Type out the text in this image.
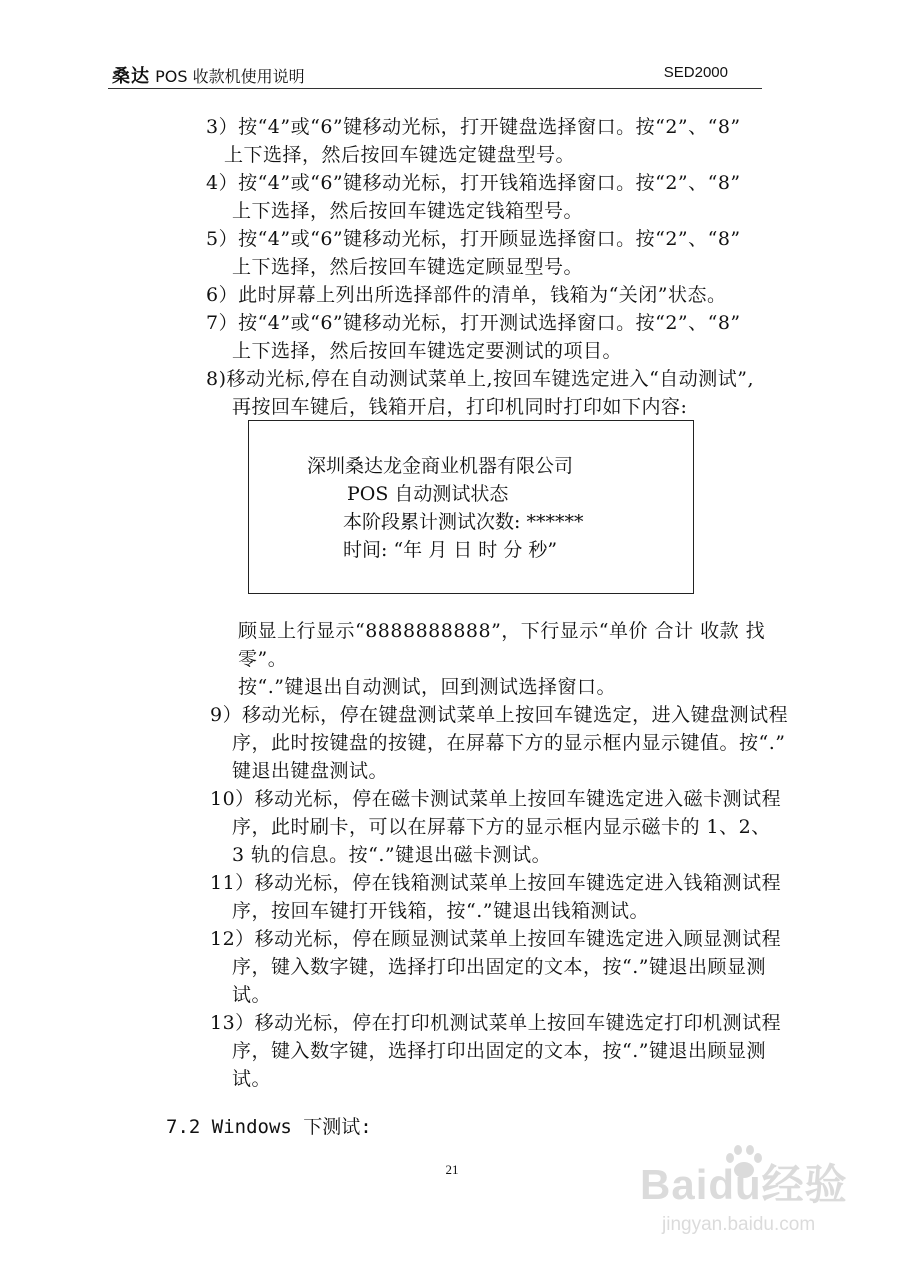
桑达 POS 收款机使用说明	SED2000
3）按“4”或“6”键移动光标，打开键盘选择窗口。按“2”、“8”
上下选择，然后按回车键选定键盘型号。
4）按“4”或“6”键移动光标，打开钱箱选择窗口。按“2”、“8”
上下选择，然后按回车键选定钱箱型号。
5）按“4”或“6”键移动光标，打开顾显选择窗口。按“2”、“8”
上下选择，然后按回车键选定顾显型号。
6）此时屏幕上列出所选择部件的清单，钱箱为“关闭”状态。
7）按“4”或“6”键移动光标，打开测试选择窗口。按“2”、“8”
上下选择，然后按回车键选定要测试的项目。
8)移动光标,停在自动测试菜单上,按回车键选定进入“自动测试”,
再按回车键后，钱箱开启，打印机同时打印如下内容:
深圳桑达龙金商业机器有限公司
POS 自动测试状态
本阶段累计测试次数: ******
时间: “年 月 日 时 分 秒”
顾显上行显示“8888888888”，下行显示“单价 合计 收款 找
零”。
按“.”键退出自动测试，回到测试选择窗口。
9）移动光标，停在键盘测试菜单上按回车键选定，进入键盘测试程
序，此时按键盘的按键，在屏幕下方的显示框内显示键值。按“.”
键退出键盘测试。
10）移动光标，停在磁卡测试菜单上按回车键选定进入磁卡测试程
序，此时刷卡，可以在屏幕下方的显示框内显示磁卡的 1、2、
3 轨的信息。按“.”键退出磁卡测试。
11）移动光标，停在钱箱测试菜单上按回车键选定进入钱箱测试程
序，按回车键打开钱箱，按“.”键退出钱箱测试。
12）移动光标，停在顾显测试菜单上按回车键选定进入顾显测试程
序，键入数字键，选择打印出固定的文本，按“.”键退出顾显测
试。
13）移动光标，停在打印机测试菜单上按回车键选定打印机测试程
序，键入数字键，选择打印出固定的文本，按“.”键退出顾显测
试。
7.2 Windows 下测试:
21	Baidu经验
jingyan.baidu.com
